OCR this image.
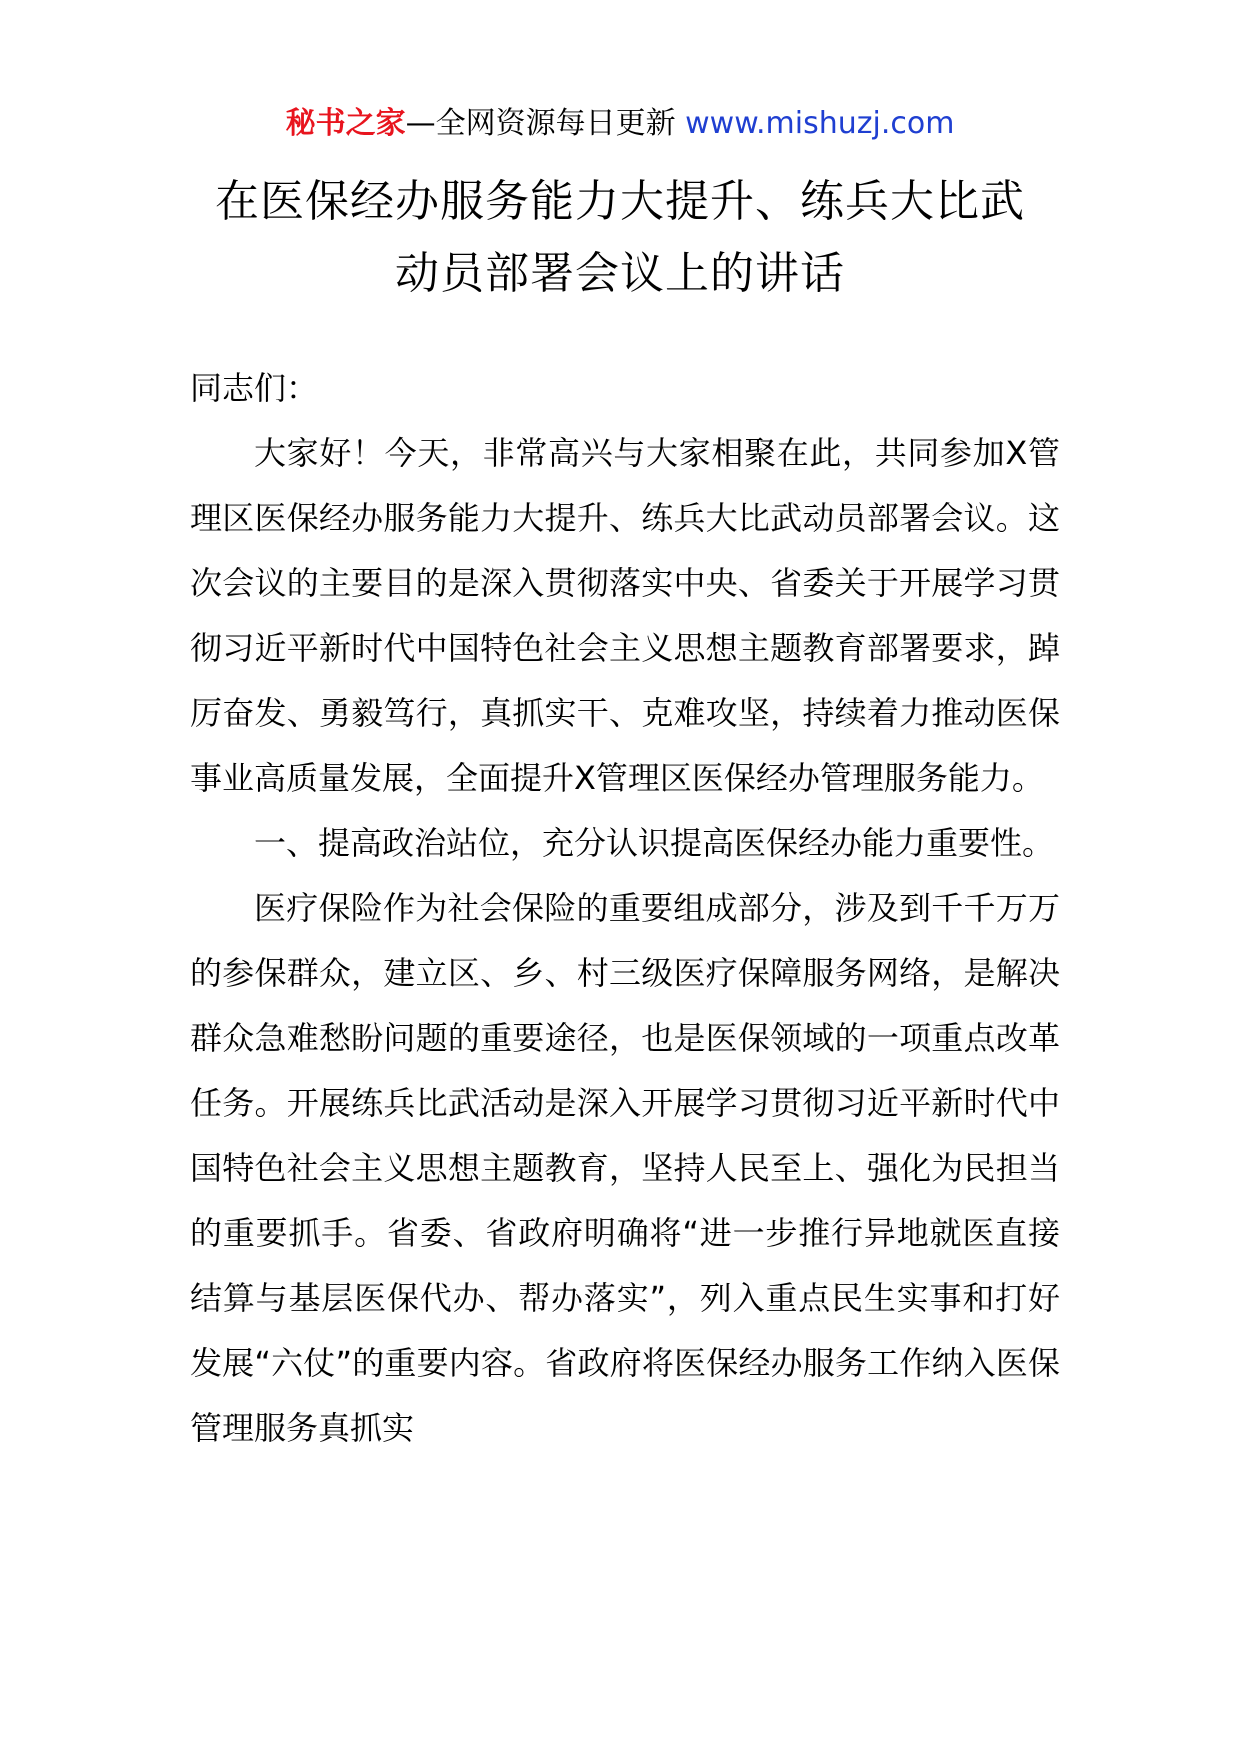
秘书之家—全网资源每日更新 www.mishuzj.com
在医保经办服务能力大提升、练兵大比武
动员部署会议上的讲话

同志们：

大家好！今天，非常高兴与大家相聚在此，共同参加X管理区医保经办服务能力大提升、练兵大比武动员部署会议。这次会议的主要目的是深入贯彻落实中央、省委关于开展学习贯彻习近平新时代中国特色社会主义思想主题教育部署要求，踔厉奋发、勇毅笃行，真抓实干、克难攻坚，持续着力推动医保事业高质量发展，全面提升X管理区医保经办管理服务能力。

一、提高政治站位，充分认识提高医保经办能力重要性。

医疗保险作为社会保险的重要组成部分，涉及到千千万万的参保群众，建立区、乡、村三级医疗保障服务网络，是解决群众急难愁盼问题的重要途径，也是医保领域的一项重点改革任务。开展练兵比武活动是深入开展学习贯彻习近平新时代中国特色社会主义思想主题教育，坚持人民至上、强化为民担当的重要抓手。省委、省政府明确将“进一步推行异地就医直接结算与基层医保代办、帮办落实”，列入重点民生实事和打好发展“六仗”的重要内容。省政府将医保经办服务工作纳入医保管理服务真抓实
